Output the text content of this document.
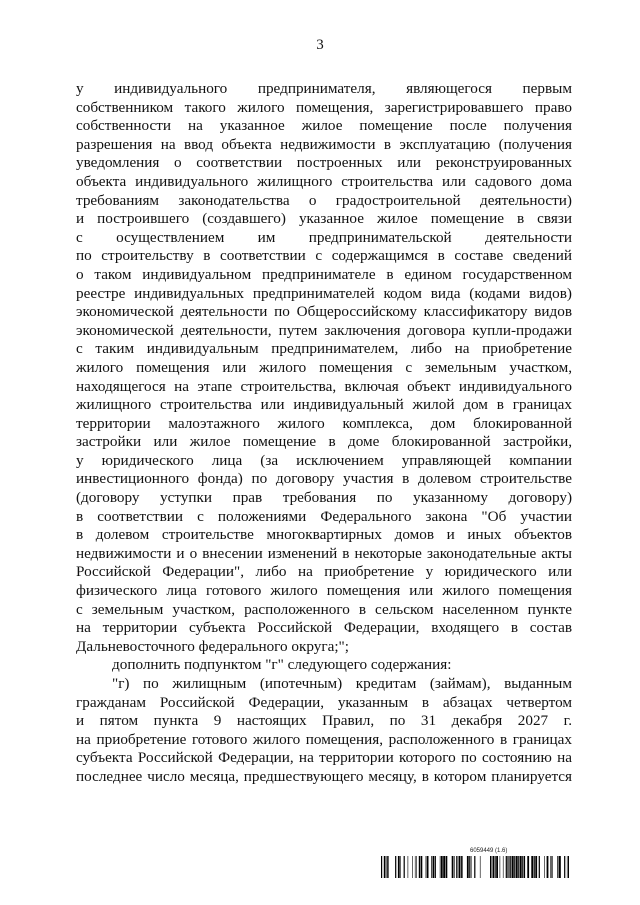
3
у индивидуального предпринимателя, являющегося первым
собственником такого жилого помещения, зарегистрировавшего право
собственности на указанное жилое помещение после получения
разрешения на ввод объекта недвижимости в эксплуатацию (получения
уведомления о соответствии построенных или реконструированных
объекта индивидуального жилищного строительства или садового дома
требованиям законодательства о градостроительной деятельности)
и построившего (создавшего) указанное жилое помещение в связи
с осуществлением им предпринимательской деятельности
по строительству в соответствии с содержащимся в составе сведений
о таком индивидуальном предпринимателе в едином государственном
реестре индивидуальных предпринимателей кодом вида (кодами видов)
экономической деятельности по Общероссийскому классификатору видов
экономической деятельности, путем заключения договора купли-продажи
с таким индивидуальным предпринимателем, либо на приобретение
жилого помещения или жилого помещения с земельным участком,
находящегося на этапе строительства, включая объект индивидуального
жилищного строительства или индивидуальный жилой дом в границах
территории малоэтажного жилого комплекса, дом блокированной
застройки или жилое помещение в доме блокированной застройки,
у юридического лица (за исключением управляющей компании
инвестиционного фонда) по договору участия в долевом строительстве
(договору уступки прав требования по указанному договору)
в соответствии с положениями Федерального закона "Об участии
в долевом строительстве многоквартирных домов и иных объектов
недвижимости и о внесении изменений в некоторые законодательные акты
Российской Федерации", либо на приобретение у юридического или
физического лица готового жилого помещения или жилого помещения
с земельным участком, расположенного в сельском населенном пункте
на территории субъекта Российской Федерации, входящего в состав
Дальневосточного федерального округа;";
дополнить подпунктом "г" следующего содержания:
"г) по жилищным (ипотечным) кредитам (займам), выданным
гражданам Российской Федерации, указанным в абзацах четвертом
и пятом пункта 9 настоящих Правил, по 31 декабря 2027 г.
на приобретение готового жилого помещения, расположенного в границах
субъекта Российской Федерации, на территории которого по состоянию на
последнее число месяца, предшествующего месяцу, в котором планируется
6059449 (1.6)
